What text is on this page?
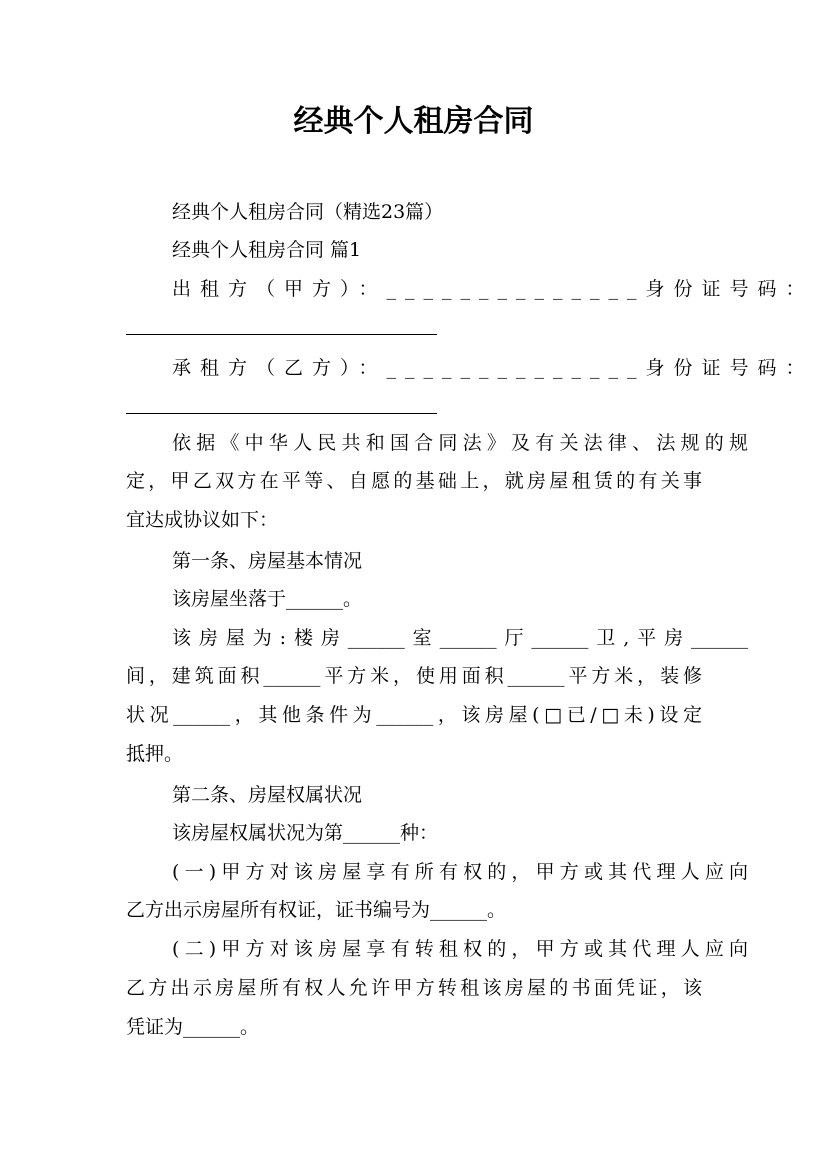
经典个人租房合同
经典个人租房合同（精选23篇）
经典个人租房合同 篇1
出租方（甲方）：______________身份证号码：
承租方（乙方）：______________身份证号码：
依据《中华人民共和国合同法》及有关法律、法规的规
定，甲乙双方在平等、自愿的基础上，就房屋租赁的有关事
宜达成协议如下：
第一条、房屋基本情况
该房屋坐落于______。
该房屋为:楼房______室______厅______卫,平房______
间，建筑面积______平方米，使用面积______平方米，装修
状况______，其他条件为______，该房屋(□已/□未)设定
抵押。
第二条、房屋权属状况
该房屋权属状况为第______种：
(一)甲方对该房屋享有所有权的，甲方或其代理人应向
乙方出示房屋所有权证，证书编号为______。
(二)甲方对该房屋享有转租权的，甲方或其代理人应向
乙方出示房屋所有权人允许甲方转租该房屋的书面凭证，该
凭证为______。
